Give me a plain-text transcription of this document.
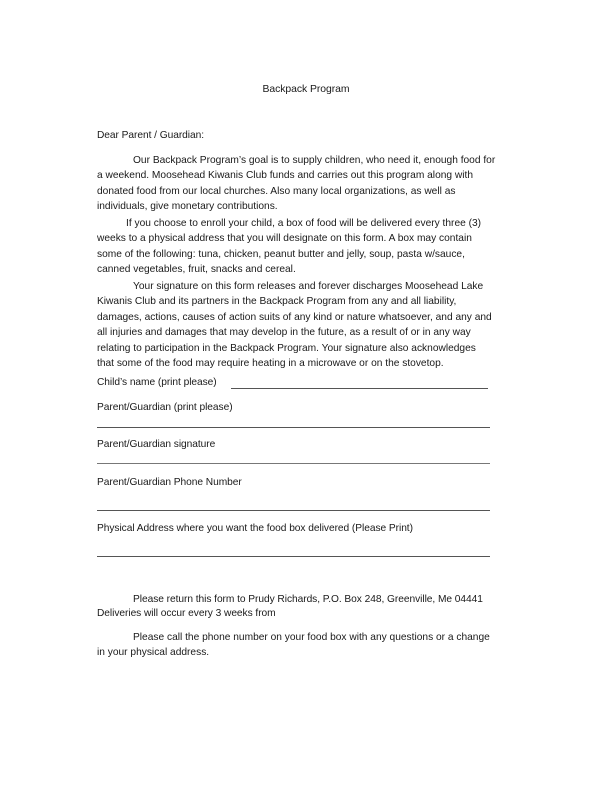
Backpack Program
Dear Parent / Guardian:
Our Backpack Program’s goal is to supply children, who need it, enough food for
a weekend. Moosehead Kiwanis Club funds and carries out this program along with
donated food from our local churches. Also many local organizations, as well as
individuals, give monetary contributions.
If you choose to enroll your child, a box of food will be delivered every three (3)
weeks to a physical address that you will designate on this form. A box may contain
some of the following: tuna, chicken, peanut butter and jelly, soup, pasta w/sauce,
canned vegetables, fruit, snacks and cereal.
Your signature on this form releases and forever discharges Moosehead Lake
Kiwanis Club and its partners in the Backpack Program from any and all liability,
damages, actions, causes of action suits of any kind or nature whatsoever, and any and
all injuries and damages that may develop in the future, as a result of or in any way
relating to participation in the Backpack Program. Your signature also acknowledges
that some of the food may require heating in a microwave or on the stovetop.
Child’s name (print please)
Parent/Guardian (print please)
Parent/Guardian signature
Parent/Guardian Phone Number
Physical Address where you want the food box delivered (Please Print)
Please return this form to Prudy Richards, P.O. Box 248, Greenville, Me 04441
Deliveries will occur every 3 weeks from
Please call the phone number on your food box with any questions or a change
in your physical address.
